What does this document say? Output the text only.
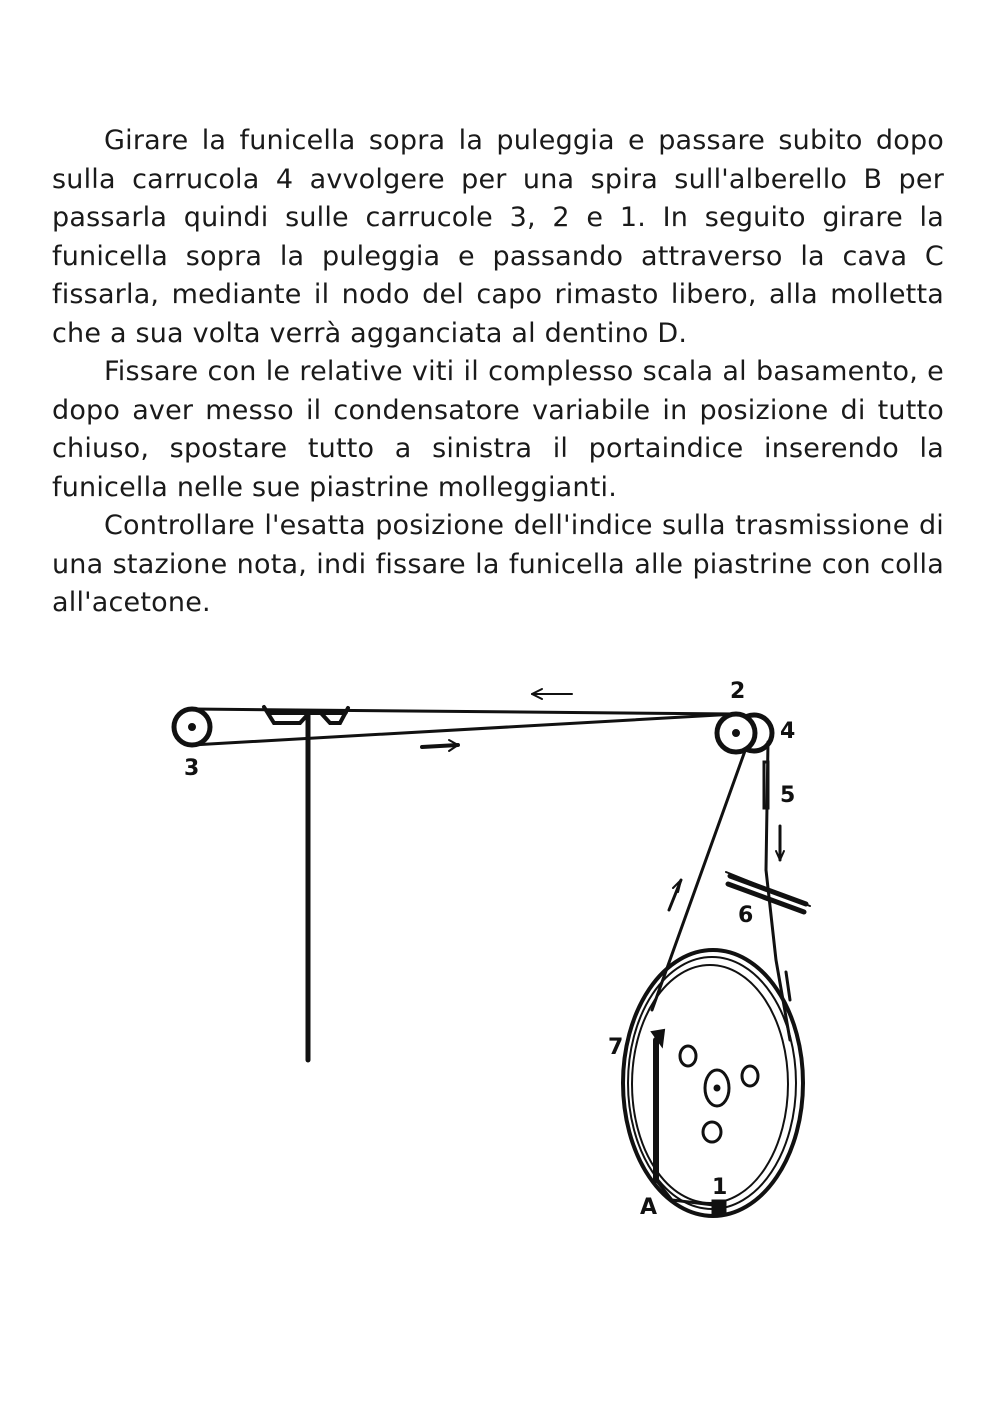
Girare la funicella sopra la puleggia e passare subito dopo sulla carrucola 4 avvolgere per una spira sull'alberello B per passarla quindi sulle carrucole 3, 2 e 1. In seguito girare la funicella sopra la puleggia e passando attraverso la cava C fissarla, mediante il nodo del capo rimasto libero, alla molletta che a sua volta verrà agganciata al dentino D.

Fissare con le relative viti il complesso scala al basamento, e dopo aver messo il condensatore variabile in posizione di tutto chiuso, spostare tutto a sinistra il portaindice inserendo la funicella nelle sue piastrine molleggianti.

Controllare l'esatta posizione dell'indice sulla trasmissione di una stazione nota, indi fissare la funicella alle piastrine con colla all'acetone.

3
2
4
5
6
7
A
1
